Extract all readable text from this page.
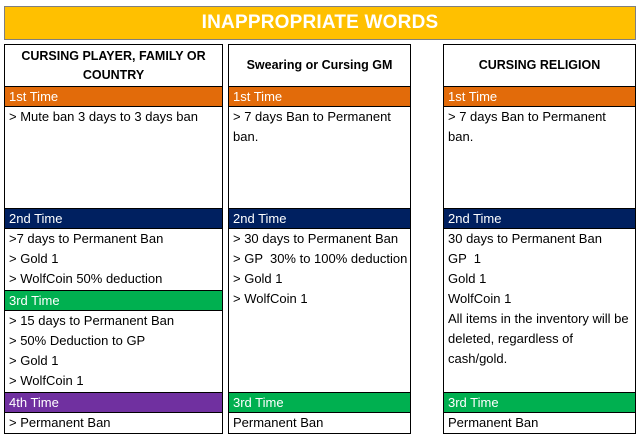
INAPPROPRIATE WORDS
CURSING PLAYER, FAMILY OR COUNTRY
1st Time
> Mute ban 3 days to 3 days ban
2nd Time
>7 days to Permanent Ban
> Gold 1
> WolfCoin 50% deduction
3rd Time
> 15 days to Permanent Ban
> 50% Deduction to GP
> Gold 1
> WolfCoin 1
4th Time
> Permanent Ban
Swearing or Cursing GM
1st Time
> 7 days Ban to Permanent ban.
2nd Time
> 30 days to Permanent Ban
> GP  30% to 100% deduction
> Gold 1
> WolfCoin 1
3rd Time
Permanent Ban
CURSING RELIGION
1st Time
> 7 days Ban to Permanent ban.
2nd Time
30 days to Permanent Ban
GP  1
Gold 1
WolfCoin 1
All items in the inventory will be deleted, regardless of cash/gold.
3rd Time
Permanent Ban
